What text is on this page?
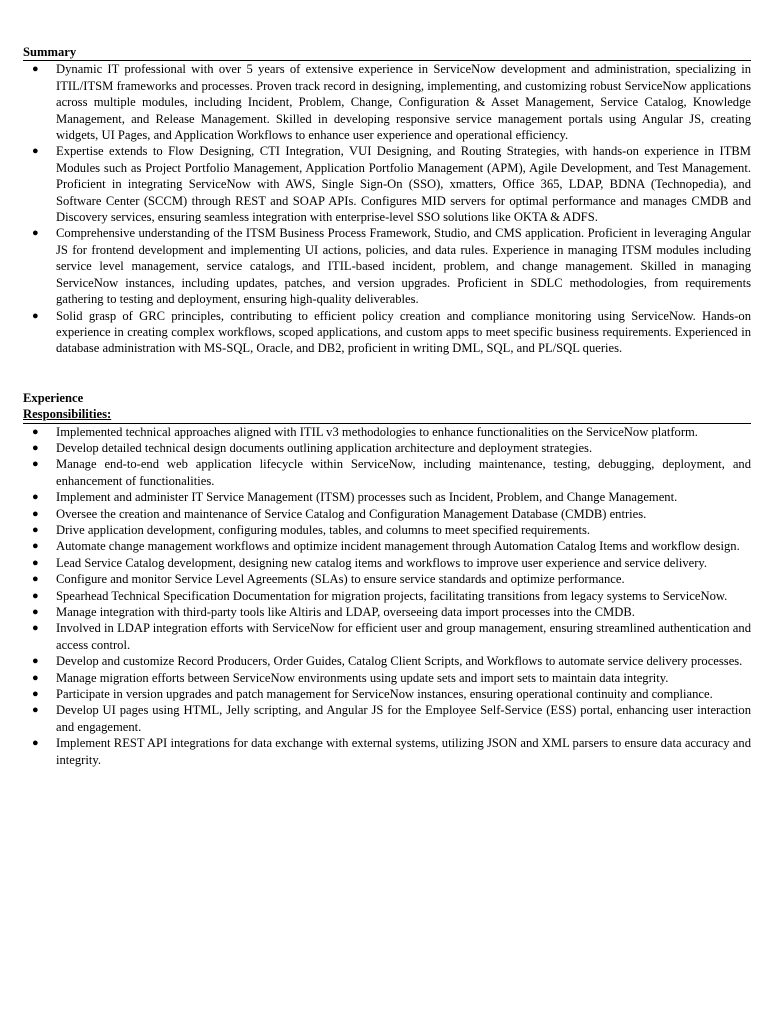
Summary
● Dynamic IT professional with over 5 years of extensive experience in ServiceNow development and administration, specializing in ITIL/ITSM frameworks and processes. Proven track record in designing, implementing, and customizing robust ServiceNow applications across multiple modules, including Incident, Problem, Change, Configuration & Asset Management, Service Catalog, Knowledge Management, and Release Management. Skilled in developing responsive service management portals using Angular JS, creating widgets, UI Pages, and Application Workflows to enhance user experience and operational efficiency.
● Expertise extends to Flow Designing, CTI Integration, VUI Designing, and Routing Strategies, with hands-on experience in ITBM Modules such as Project Portfolio Management, Application Portfolio Management (APM), Agile Development, and Test Management. Proficient in integrating ServiceNow with AWS, Single Sign-On (SSO), xmatters, Office 365, LDAP, BDNA (Technopedia), and Software Center (SCCM) through REST and SOAP APIs. Configures MID servers for optimal performance and manages CMDB and Discovery services, ensuring seamless integration with enterprise-level SSO solutions like OKTA & ADFS.
● Comprehensive understanding of the ITSM Business Process Framework, Studio, and CMS application. Proficient in leveraging Angular JS for frontend development and implementing UI actions, policies, and data rules. Experience in managing ITSM modules including service level management, service catalogs, and ITIL-based incident, problem, and change management. Skilled in managing ServiceNow instances, including updates, patches, and version upgrades. Proficient in SDLC methodologies, from requirements gathering to testing and deployment, ensuring high-quality deliverables.
● Solid grasp of GRC principles, contributing to efficient policy creation and compliance monitoring using ServiceNow. Hands-on experience in creating complex workflows, scoped applications, and custom apps to meet specific business requirements. Experienced in database administration with MS-SQL, Oracle, and DB2, proficient in writing DML, SQL, and PL/SQL queries.
Experience
Responsibilities:
● Implemented technical approaches aligned with ITIL v3 methodologies to enhance functionalities on the ServiceNow platform.
● Develop detailed technical design documents outlining application architecture and deployment strategies.
● Manage end-to-end web application lifecycle within ServiceNow, including maintenance, testing, debugging, deployment, and enhancement of functionalities.
● Implement and administer IT Service Management (ITSM) processes such as Incident, Problem, and Change Management.
● Oversee the creation and maintenance of Service Catalog and Configuration Management Database (CMDB) entries.
● Drive application development, configuring modules, tables, and columns to meet specified requirements.
● Automate change management workflows and optimize incident management through Automation Catalog Items and workflow design.
● Lead Service Catalog development, designing new catalog items and workflows to improve user experience and service delivery.
● Configure and monitor Service Level Agreements (SLAs) to ensure service standards and optimize performance.
● Spearhead Technical Specification Documentation for migration projects, facilitating transitions from legacy systems to ServiceNow.
● Manage integration with third-party tools like Altiris and LDAP, overseeing data import processes into the CMDB.
● Involved in LDAP integration efforts with ServiceNow for efficient user and group management, ensuring streamlined authentication and access control.
● Develop and customize Record Producers, Order Guides, Catalog Client Scripts, and Workflows to automate service delivery processes.
● Manage migration efforts between ServiceNow environments using update sets and import sets to maintain data integrity.
● Participate in version upgrades and patch management for ServiceNow instances, ensuring operational continuity and compliance.
● Develop UI pages using HTML, Jelly scripting, and Angular JS for the Employee Self-Service (ESS) portal, enhancing user interaction and engagement.
● Implement REST API integrations for data exchange with external systems, utilizing JSON and XML parsers to ensure data accuracy and integrity.
